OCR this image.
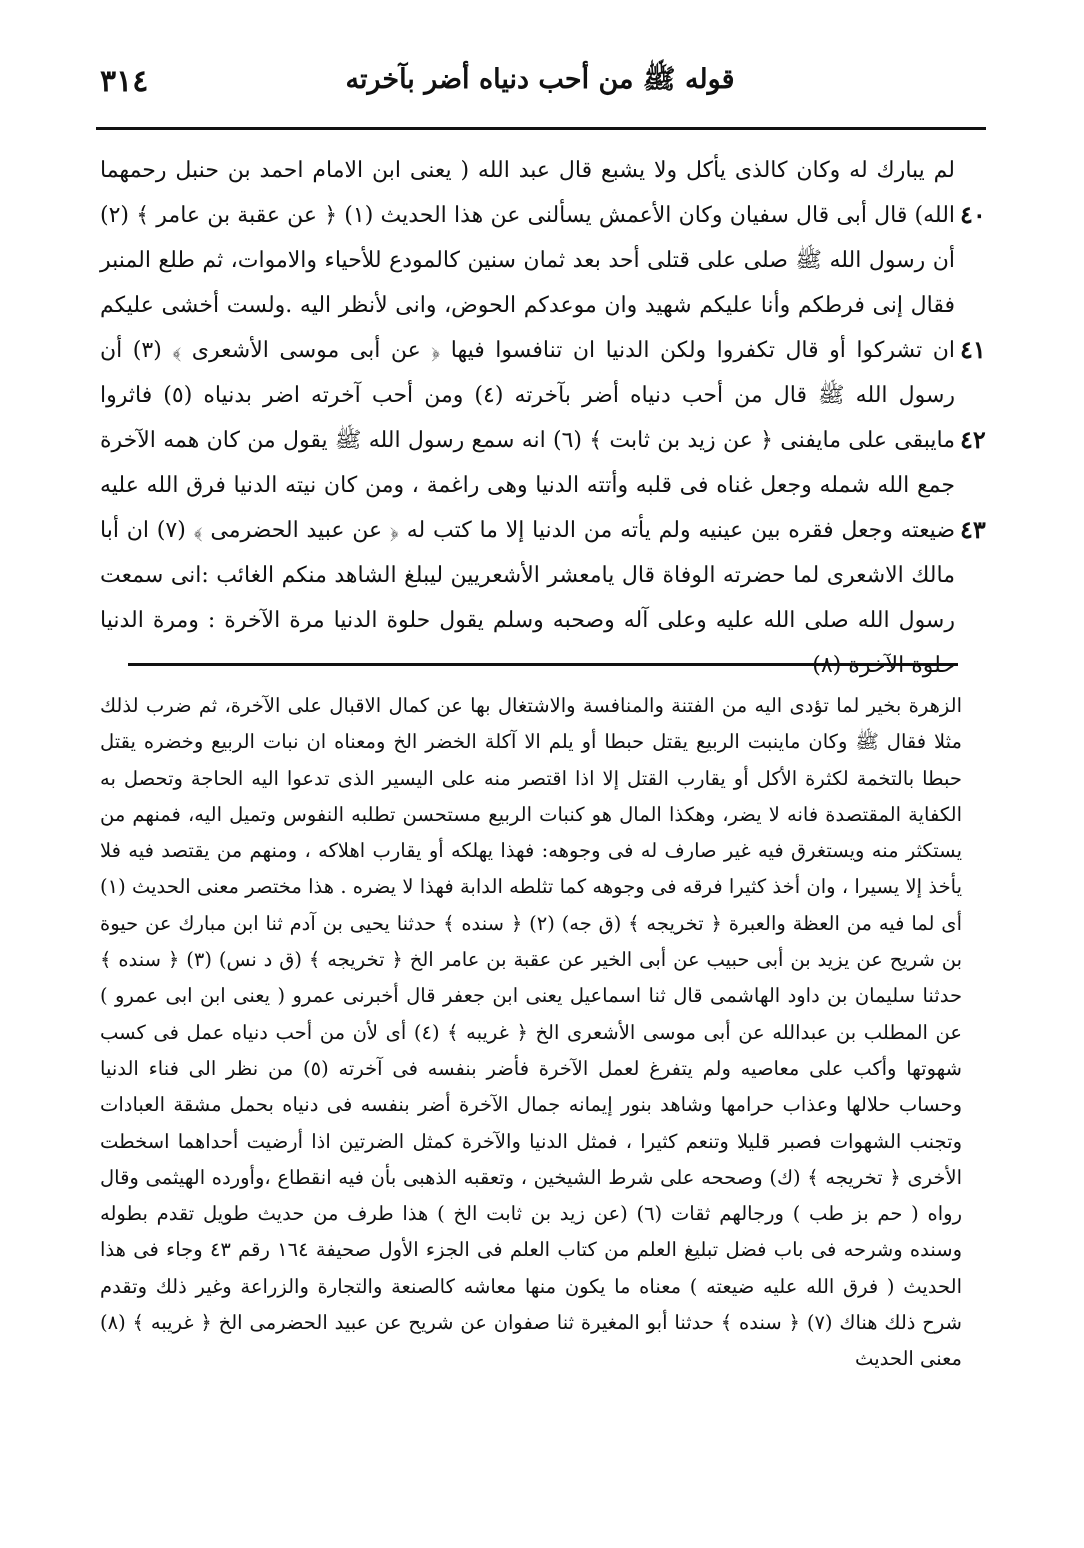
٣١٤	قوله ﷺ من أحب دنياه أضر بآخرته
٤٠
٤١
٤٢
٤٣

لم يبارك له وكان كالذى يأكل ولا يشبع قال عبد الله ( يعنى ابن الامام احمد بن حنبل رحمهما الله) قال أبى قال سفيان وكان الأعمش يسألنى عن هذا الحديث (١) ﴿ عن عقبة بن عامر ﴾ (٢) أن رسول الله ﷺ صلى على قتلى أحد بعد ثمان سنين كالمودع للأحياء والاموات، ثم طلع المنبر فقال إنى فرطكم وأنا عليكم شهيد وان موعدكم الحوض، وانى لأنظر اليه .ولست أخشى عليكم ان تشركوا أو قال تكفروا ولكن الدنيا ان تنافسوا فيها ﴿ عن أبى موسى الأشعرى ﴾ (٣) أن رسول الله ﷺ قال من أحب دنياه أضر بآخرته (٤) ومن أحب آخرته اضر بدنياه (٥) فاثروا مايبقى على مايفنى ﴿ عن زيد بن ثابت ﴾ (٦) انه سمع رسول الله ﷺ يقول من كان همه الآخرة جمع الله شمله وجعل غناه فى قلبه وأتته الدنيا وهى راغمة ، ومن كان نيته الدنيا فرق الله عليه ضيعته وجعل فقره بين عينيه ولم يأته من الدنيا إلا ما كتب له ﴿ عن عبيد الحضرمى ﴾ (٧) ان أبا مالك الاشعرى لما حضرته الوفاة قال يامعشر الأشعريين ليبلغ الشاهد منكم الغائب :انى سمعت رسول الله صلى الله عليه وعلى آله وصحبه وسلم يقول حلوة الدنيا مرة الآخرة : ومرة الدنيا

الزهرة بخير لما تؤدى اليه من الفتنة والمنافسة والاشتغال بها عن كمال الاقبال على الآخرة، ثم ضرب لذلك مثلا فقال ﷺ وكان ماينبت الربيع يقتل حبطا أو يلم الا آكلة الخضر الخ ومعناه ان نبات الربيع وخضره يقتل حبطا بالتخمة لكثرة الأكل أو يقارب القتل إلا اذا اقتصر منه على اليسير الذى تدعوا اليه الحاجة وتحصل به الكفاية المقتصدة فانه لا يضر، وهكذا المال هو كنبات الربيع مستحسن تطلبه النفوس وتميل اليه، فمنهم من يستكثر منه ويستغرق فيه غير صارف له فى وجوهه: فهذا يهلكه أو يقارب اهلاكه ، ومنهم من يقتصد فيه فلا يأخذ إلا يسيرا ، وان أخذ كثيرا فرقه فى وجوهه كما تثلطه الدابة فهذا لا يضره . هذا مختصر معنى الحديث (١) أى لما فيه من العظة والعبرة ﴿ تخريجه ﴾ (ق جه) (٢) ﴿ سنده ﴾ حدثنا يحيى بن آدم ثنا ابن مبارك عن حيوة بن شريح عن يزيد بن أبى حبيب عن أبى الخير عن عقبة بن عامر الخ ﴿ تخريجه ﴾ (ق د نس) (٣) ﴿ سنده ﴾ حدثنا سليمان بن داود الهاشمى قال ثنا اسماعيل يعنى ابن جعفر قال أخبرنى عمرو ( يعنى ابن ابى عمرو ) عن المطلب بن عبدالله عن أبى موسى الأشعرى الخ ﴿ غريبه ﴾ (٤) أى لأن من أحب دنياه عمل فى كسب شهوتها وأكب على معاصيه ولم يتفرغ لعمل الآخرة فأضر بنفسه فى آخرته (٥) من نظر الى فناء الدنيا وحساب حلالها وعذاب حرامها وشاهد بنور إيمانه جمال الآخرة أضر بنفسه فى دنياه بحمل مشقة العبادات وتجنب الشهوات فصبر قليلا وتنعم كثيرا ، فمثل الدنيا والآخرة كمثل الضرتين اذا أرضيت أحداهما اسخطت الأخرى ﴿ تخريجه ﴾ (ك) وصححه على شرط الشيخين ، وتعقبه الذهبى بأن فيه انقطاع ،وأورده الهيثمى وقال رواه ( حم بز طب ) ورجالهم ثقات (٦) (عن زيد بن ثابت الخ ) هذا طرف من حديث طويل تقدم بطوله وسنده وشرحه فى باب فضل تبليغ العلم من كتاب العلم فى الجزء الأول صحيفة ١٦٤ رقم ٤٣ وجاء فى هذا الحديث ( فرق الله عليه ضيعته ) معناه ما يكون منها معاشه كالصنعة والتجارة والزراعة وغير ذلك وتقدم شرح ذلك هناك (٧) ﴿ سنده ﴾ حدثنا أبو المغيرة ثنا صفوان عن شريح عن عبيد الحضرمى الخ ﴿ غريبه ﴾ (٨) معنى الحديث
